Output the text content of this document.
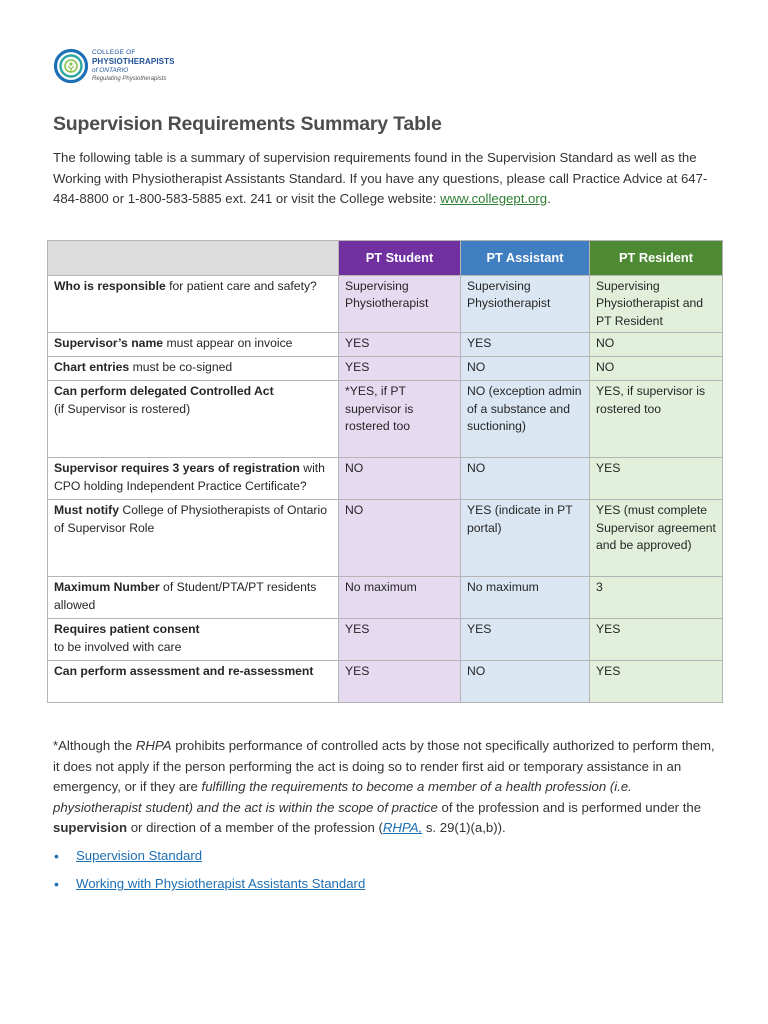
COLLEGE OF
PHYSIOTHERAPISTS
of ONTARIO
Regulating Physiotherapists
Supervision Requirements Summary Table

The following table is a summary of supervision requirements found in the Supervision Standard as well as the Working with Physiotherapist Assistants Standard. If you have any questions, please call Practice Advice at 647-484-8800 or 1-800-583-5885 ext. 241 or visit the College website: www.collegept.org.

	PT Student	PT Assistant	PT Resident
Who is responsible for patient care and safety?	Supervising Physiotherapist	Supervising Physiotherapist	Supervising Physiotherapist and PT Resident
Supervisor’s name must appear on invoice	YES	YES	NO
Chart entries must be co-signed	YES	NO	NO
Can perform delegated Controlled Act
(if Supervisor is rostered)	*YES, if PT supervisor is rostered too	NO (exception admin of a substance and suctioning)	YES, if supervisor is rostered too
Supervisor requires 3 years of registration with CPO holding Independent Practice Certificate?	NO	NO	YES
Must notify College of Physiotherapists of Ontario of Supervisor Role	NO	YES (indicate in PT portal)	YES (must complete Supervisor agreement and be approved)
Maximum Number of Student/PTA/PT residents allowed	No maximum	No maximum	3
Requires patient consent
to be involved with care	YES	YES	YES
Can perform assessment and re-assessment	YES	NO	YES

*Although the RHPA prohibits performance of controlled acts by those not specifically authorized to perform them, it does not apply if the person performing the act is doing so to render first aid or temporary assistance in an emergency, or if they are fulfilling the requirements to become a member of a health profession (i.e. physiotherapist student) and the act is within the scope of practice of the profession and is performed under the supervision or direction of a member of the profession (RHPA, s. 29(1)(a,b)).

• Supervision Standard
• Working with Physiotherapist Assistants Standard
